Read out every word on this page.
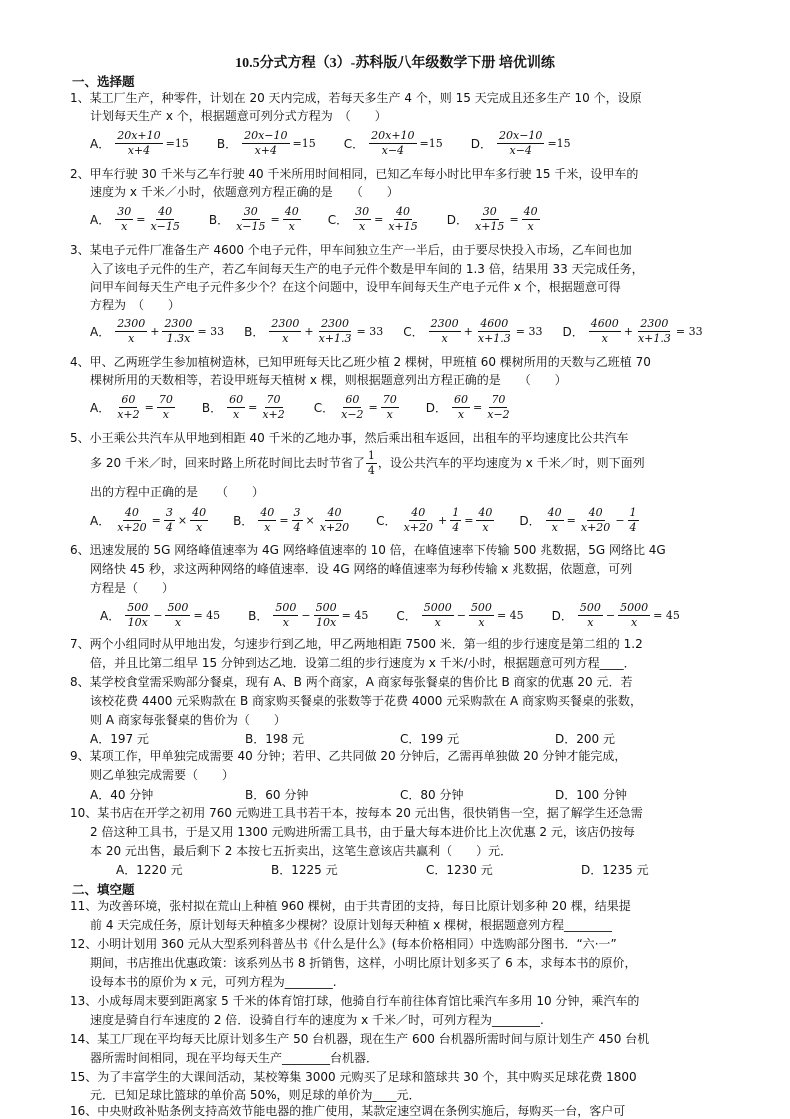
10.5分式方程（3）-苏科版八年级数学下册 培优训练
一、选择题
1、某工厂生产，种零件，计划在 20 天内完成，若每天多生产 4 个，则 15 天完成且还多生产 10 个，设原
计划每天生产 x 个，根据题意可列分式方程为　（　　）
A． $\frac{20x+10}{x+4} =15$ B． $\frac{20x-10}{x+4} =15$ C． $\frac{20x+10}{x-4} =15$ D． $\frac{20x-10}{x-4} =15$
2、甲车行驶 30 千米与乙车行驶 40 千米所用时间相同，已知乙车每小时比甲车多行驶 15 千米，设甲车的
速度为 x 千米／小时，依题意列方程正确的是　　（　　）
A． $\frac{30}{x} = \frac{40}{x-15}$ B． $\frac{30}{x-15} = \frac{40}{x}$ C． $\frac{30}{x} = \frac{40}{x+15}$ D． $\frac{30}{x+15} = \frac{40}{x}$
3、某电子元件厂准备生产 4600 个电子元件，甲车间独立生产一半后，由于要尽快投入市场，乙车间也加
入了该电子元件的生产，若乙车间每天生产的电子元件个数是甲车间的 1.3 倍，结果用 33 天完成任务，
问甲车间每天生产电子元件多少个？在这个问题中，设甲车间每天生产电子元件 x 个，根据题意可得
方程为　（　　）
A． $\frac{2300}{x} + \frac{2300}{1.3x} = 33$ B． $\frac{2300}{x} + \frac{2300}{x+1.3} = 33$ C． $\frac{2300}{x} + \frac{4600}{x+1.3} = 33$ D． $\frac{4600}{x} + \frac{2300}{x+1.3} = 33$
4、甲、乙两班学生参加植树造林，已知甲班每天比乙班少植 2 棵树，甲班植 60 棵树所用的天数与乙班植 70
棵树所用的天数相等，若设甲班每天植树 x 棵，则根据题意列出方程正确的是　　（　　）
A． $\frac{60}{x+2} = \frac{70}{x}$ B． $\frac{60}{x} = \frac{70}{x+2}$ C． $\frac{60}{x-2} = \frac{70}{x}$ D． $\frac{60}{x} = \frac{70}{x-2}$
5、小王乘公共汽车从甲地到相距 40 千米的乙地办事，然后乘出租车返回，出租车的平均速度比公共汽车
多 20 千米／时，回来时路上所花时间比去时节省了 $\frac{1}{4}$ ，设公共汽车的平均速度为 x 千米／时，则下面列
出的方程中正确的是　　（　　）
A． $\frac{40}{x+20} = \frac{3}{4} \times \frac{40}{x}$ B． $\frac{40}{x} = \frac{3}{4} \times \frac{40}{x+20}$ C． $\frac{40}{x+20} + \frac{1}{4} = \frac{40}{x}$ D． $\frac{40}{x} = \frac{40}{x+20} - \frac{1}{4}$
6、迅速发展的 5G 网络峰值速率为 4G 网络峰值速率的 10 倍，在峰值速率下传输 500 兆数据，5G 网络比 4G
网络快 45 秒，求这两种网络的峰值速率．设 4G 网络的峰值速率为每秒传输 x 兆数据，依题意，可列
方程是（　　）
A． $\frac{500}{10x} - \frac{500}{x} = 45$ B． $\frac{500}{x} - \frac{500}{10x} = 45$ C． $\frac{5000}{x} - \frac{500}{x} = 45$ D． $\frac{500}{x} - \frac{5000}{x} = 45$
7、两个小组同时从甲地出发，匀速步行到乙地，甲乙两地相距 7500 米．第一组的步行速度是第二组的 1.2
倍，并且比第二组早 15 分钟到达乙地．设第二组的步行速度为 x 千米/小时，根据题意可列方程____．
8、某学校食堂需采购部分餐桌，现有 A、B 两个商家，A 商家每张餐桌的售价比 B 商家的优惠 20 元．若
该校花费 4400 元采购款在 B 商家购买餐桌的张数等于花费 4000 元采购款在 A 商家购买餐桌的张数，
则 A 商家每张餐桌的售价为（　　）
A．197 元	B．198 元	C．199 元	D．200 元
9、某项工作，甲单独完成需要 40 分钟；若甲、乙共同做 20 分钟后，乙需再单独做 20 分钟才能完成，
则乙单独完成需要（　　）
A．40 分钟	B．60 分钟	C．80 分钟	D．100 分钟
10、某书店在开学之初用 760 元购进工具书若干本，按每本 20 元出售，很快销售一空，据了解学生还急需
2 倍这种工具书，于是又用 1300 元购进所需工具书，由于量大每本进价比上次优惠 2 元，该店仍按每
本 20 元出售，最后剩下 2 本按七五折卖出，这笔生意该店共赢利（　　）元．
A．1220 元	B．1225 元	C．1230 元	D．1235 元
二、填空题
11、为改善环境，张村拟在荒山上种植 960 棵树，由于共青团的支持，每日比原计划多种 20 棵，结果提
前 4 天完成任务，原计划每天种植多少棵树？设原计划每天种植 x 棵树，根据题意列方程________
12、小明计划用 360 元从大型系列科普丛书《什么是什么》(每本价格相同）中选购部分图书．“六·一”
期间，书店推出优惠政策：该系列丛书 8 折销售，这样，小明比原计划多买了 6 本，求每本书的原价，
设每本书的原价为 x 元，可列方程为________.
13、小成每周末要到距离家 5 千米的体育馆打球，他骑自行车前往体育馆比乘汽车多用 10 分钟，乘汽车的
速度是骑自行车速度的 2 倍．设骑自行车的速度为 x 千米／时，可列方程为________.
14、某工厂现在平均每天比原计划多生产 50 台机器，现在生产 600 台机器所需时间与原计划生产 450 台机
器所需时间相同，现在平均每天生产________台机器．
15、为了丰富学生的大课间活动，某校筹集 3000 元购买了足球和篮球共 30 个，其中购买足球花费 1800
元．已知足球比篮球的单价高 50%，则足球的单价为____元．
16、中央财政补贴条例支持高效节能电器的推广使用，某款定速空调在条例实施后，每购买一台，客户可
